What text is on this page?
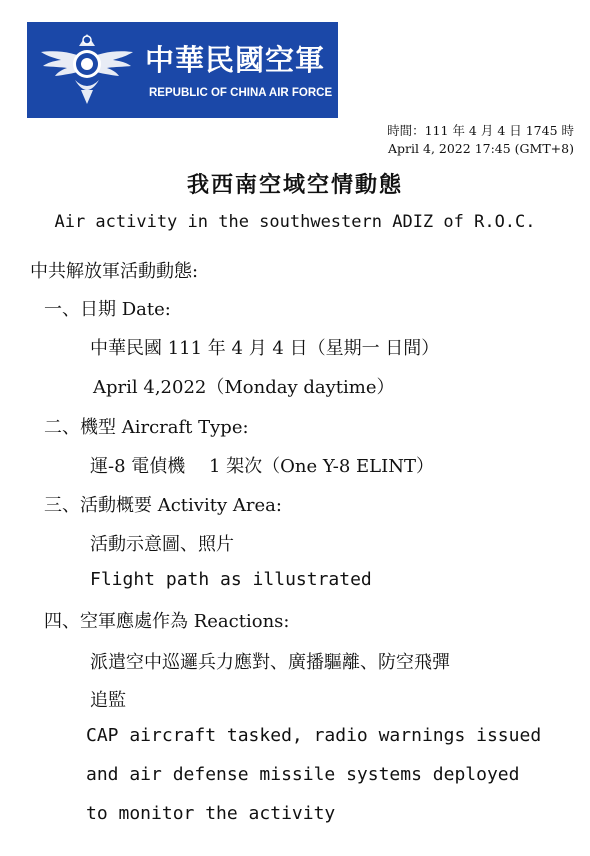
中華民國空軍
REPUBLIC OF CHINA AIR FORCE
時間：111 年 4 月 4 日 1745 時
April 4, 2022 17:45 (GMT+8)
我西南空域空情動態
Air activity in the southwestern ADIZ of R.O.C.
中共解放軍活動動態:
一、日期 Date:
中華民國 111 年 4 月 4 日（星期一 日間）
April 4,2022（Monday daytime）
二、機型 Aircraft Type:
運-8 電偵機　 1 架次（One Y-8 ELINT）
三、活動概要 Activity Area:
活動示意圖、照片
Flight path as illustrated
四、空軍應處作為 Reactions:
派遣空中巡邏兵力應對、廣播驅離、防空飛彈
追監
CAP aircraft tasked, radio warnings issued
and air defense missile systems deployed
to monitor the activity
